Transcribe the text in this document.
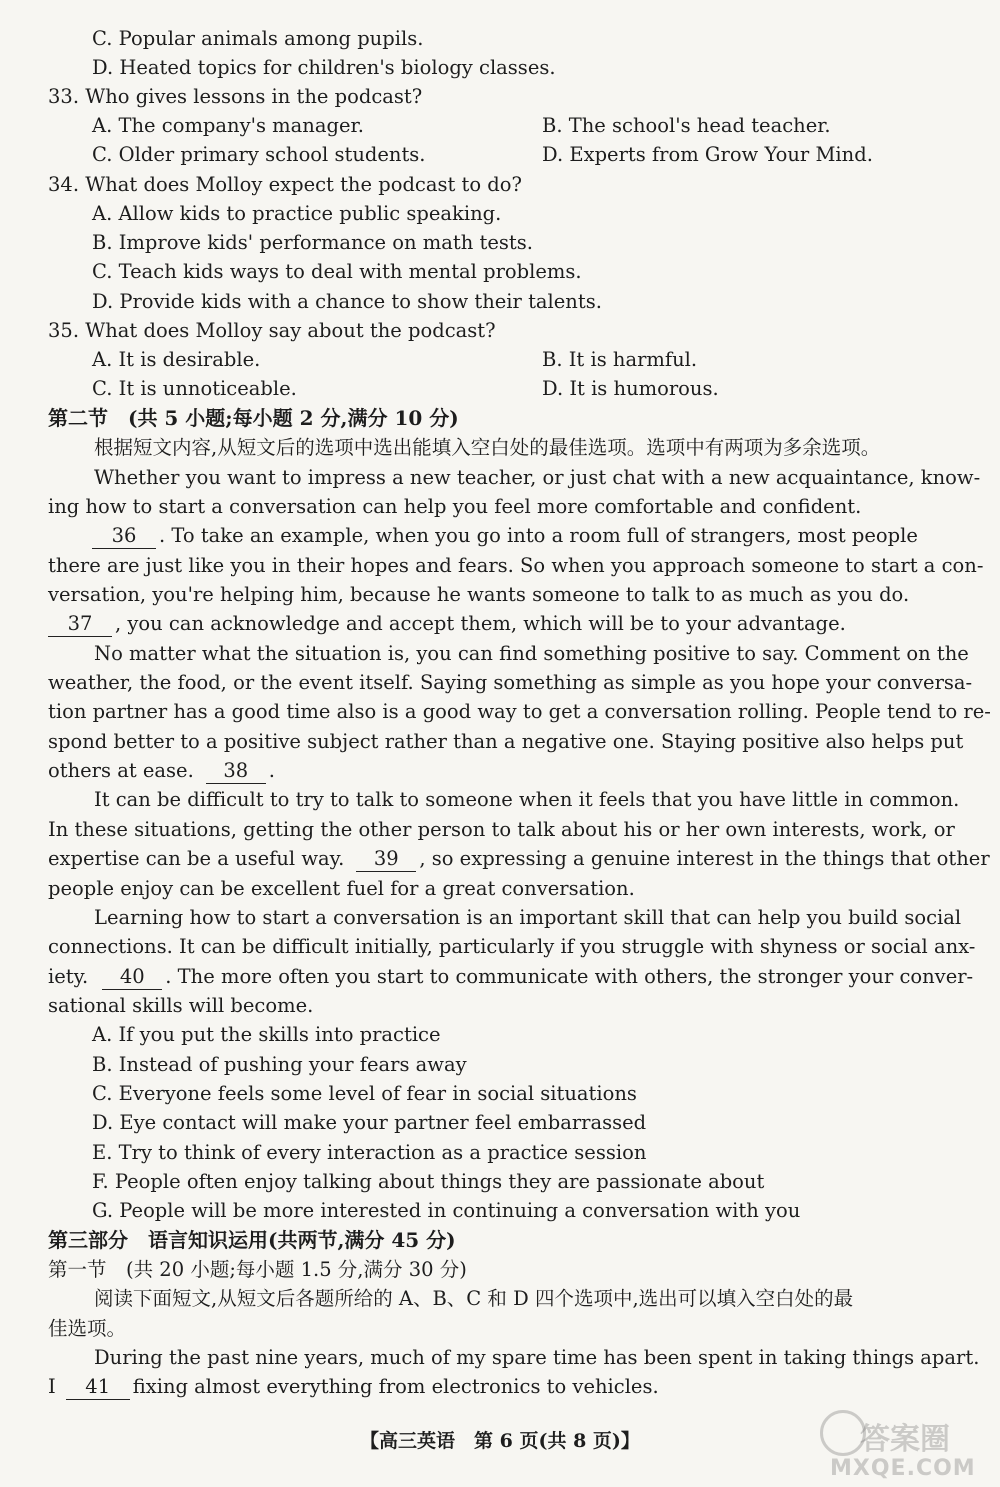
C. Popular animals among pupils.
D. Heated topics for children's biology classes.
33. Who gives lessons in the podcast?
A. The company's manager.	B. The school's head teacher.
C. Older primary school students.	D. Experts from Grow Your Mind.
34. What does Molloy expect the podcast to do?
A. Allow kids to practice public speaking.
B. Improve kids' performance on math tests.
C. Teach kids ways to deal with mental problems.
D. Provide kids with a chance to show their talents.
35. What does Molloy say about the podcast?
A. It is desirable.	B. It is harmful.
C. It is unnoticeable.	D. It is humorous.
第二节　(共 5 小题;每小题 2 分,满分 10 分)
根据短文内容,从短文后的选项中选出能填入空白处的最佳选项。选项中有两项为多余选项。
Whether you want to impress a new teacher, or just chat with a new acquaintance, know-
ing how to start a conversation can help you feel more comfortable and confident.
36 . To take an example, when you go into a room full of strangers, most people
there are just like you in their hopes and fears. So when you approach someone to start a con-
versation, you're helping him, because he wants someone to talk to as much as you do.
37 , you can acknowledge and accept them, which will be to your advantage.
No matter what the situation is, you can find something positive to say. Comment on the
weather, the food, or the event itself. Saying something as simple as you hope your conversa-
tion partner has a good time also is a good way to get a conversation rolling. People tend to re-
spond better to a positive subject rather than a negative one. Staying positive also helps put
others at ease. 38 .
It can be difficult to try to talk to someone when it feels that you have little in common.
In these situations, getting the other person to talk about his or her own interests, work, or
expertise can be a useful way. 39 , so expressing a genuine interest in the things that other
people enjoy can be excellent fuel for a great conversation.
Learning how to start a conversation is an important skill that can help you build social
connections. It can be difficult initially, particularly if you struggle with shyness or social anx-
iety. 40 . The more often you start to communicate with others, the stronger your conver-
sational skills will become.
A. If you put the skills into practice
B. Instead of pushing your fears away
C. Everyone feels some level of fear in social situations
D. Eye contact will make your partner feel embarrassed
E. Try to think of every interaction as a practice session
F. People often enjoy talking about things they are passionate about
G. People will be more interested in continuing a conversation with you
第三部分　语言知识运用(共两节,满分 45 分)
第一节　(共 20 小题;每小题 1.5 分,满分 30 分)
阅读下面短文,从短文后各题所给的 A、B、C 和 D 四个选项中,选出可以填入空白处的最
佳选项。
During the past nine years, much of my spare time has been spent in taking things apart.
I 41 fixing almost everything from electronics to vehicles.
【高三英语　第 6 页(共 8 页)】	答案圈
MXQE.COM
